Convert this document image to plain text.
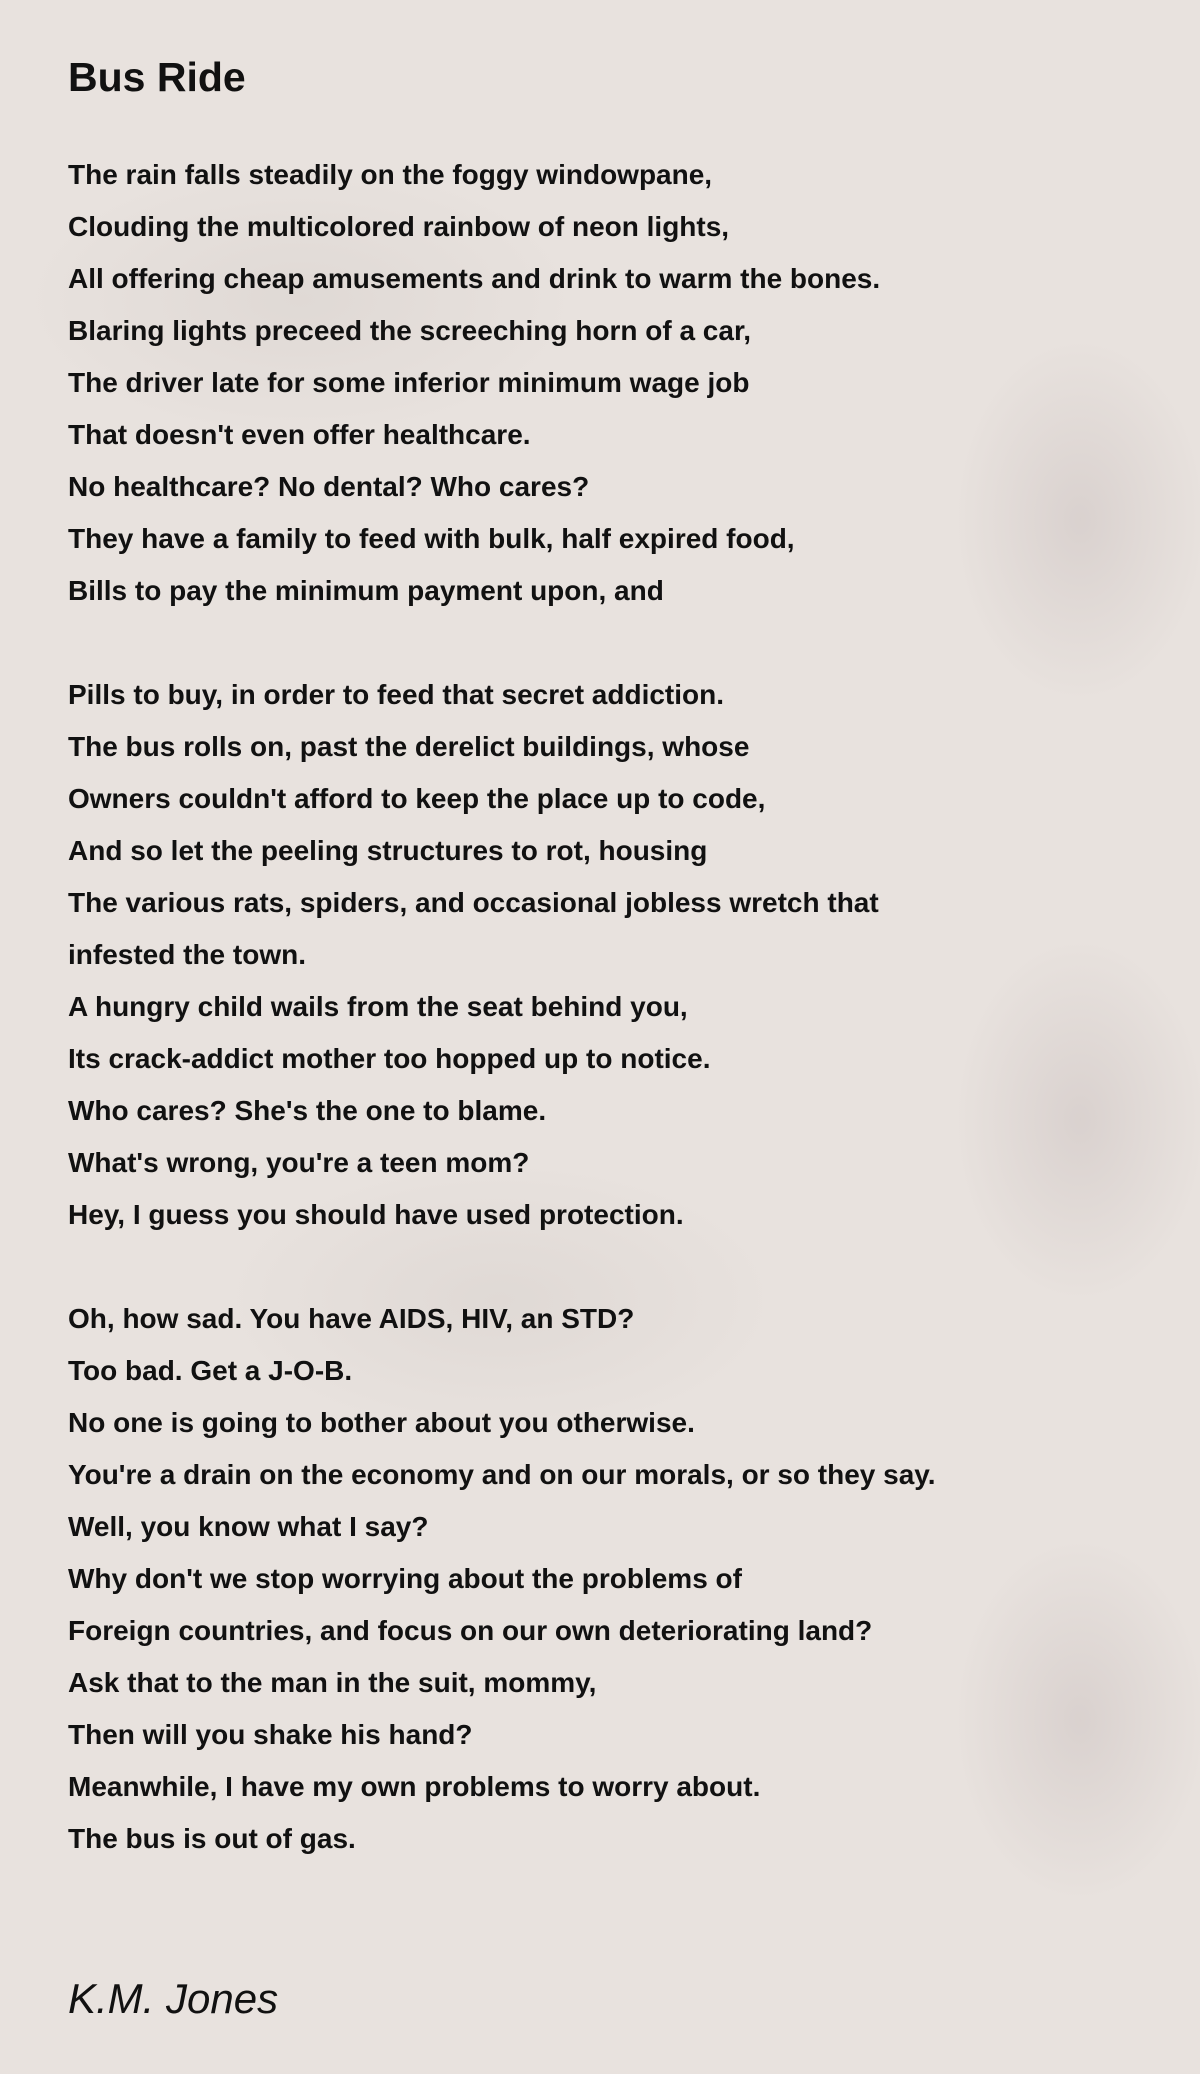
Bus Ride
The rain falls steadily on the foggy windowpane,
Clouding the multicolored rainbow of neon lights,
All offering cheap amusements and drink to warm the bones.
Blaring lights preceed the screeching horn of a car,
The driver late for some inferior minimum wage job
That doesn't even offer healthcare.
No healthcare? No dental? Who cares?
They have a family to feed with bulk, half expired food,
Bills to pay the minimum payment upon, and
Pills to buy, in order to feed that secret addiction.
The bus rolls on, past the derelict buildings, whose
Owners couldn't afford to keep the place up to code,
And so let the peeling structures to rot, housing
The various rats, spiders, and occasional jobless wretch that
infested the town.
A hungry child wails from the seat behind you,
Its crack-addict mother too hopped up to notice.
Who cares? She's the one to blame.
What's wrong, you're a teen mom?
Hey, I guess you should have used protection.
Oh, how sad. You have AIDS, HIV, an STD?
Too bad. Get a J-O-B.
No one is going to bother about you otherwise.
You're a drain on the economy and on our morals, or so they say.
Well, you know what I say?
Why don't we stop worrying about the problems of
Foreign countries, and focus on our own deteriorating land?
Ask that to the man in the suit, mommy,
Then will you shake his hand?
Meanwhile, I have my own problems to worry about.
The bus is out of gas.
K.M. Jones
